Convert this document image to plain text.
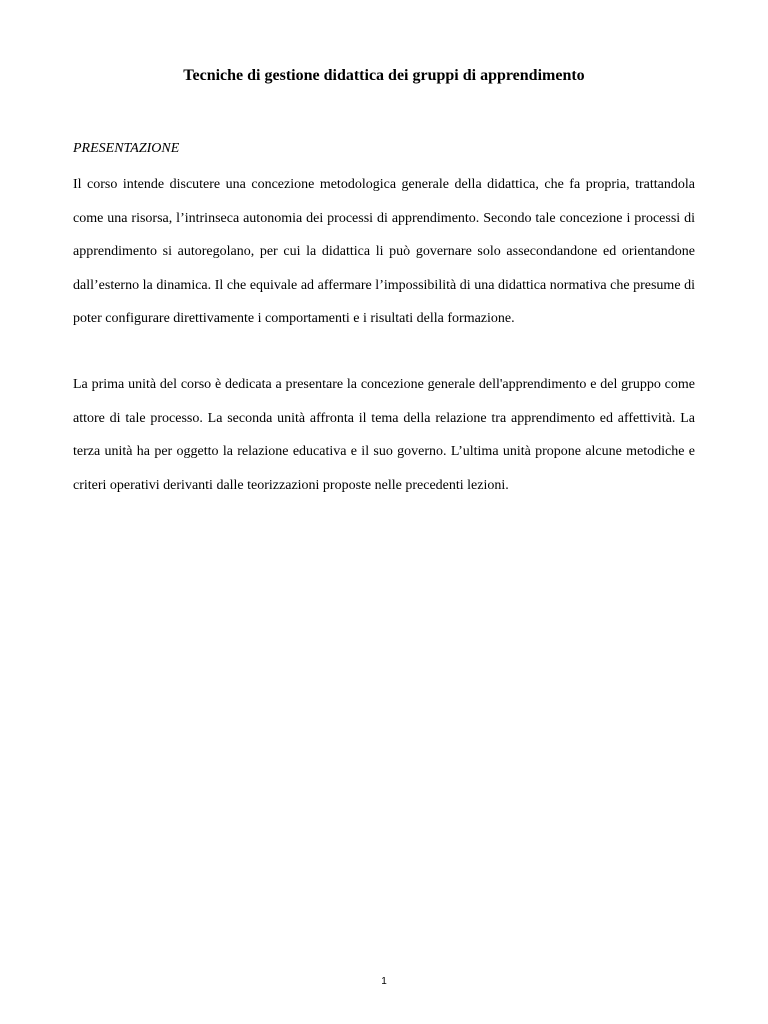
Tecniche di gestione didattica dei gruppi di apprendimento

PRESENTAZIONE

Il corso intende discutere una concezione metodologica generale della didattica, che fa propria, trattandola come una risorsa, l’intrinseca autonomia dei processi di apprendimento. Secondo tale concezione i processi di apprendimento si autoregolano, per cui la didattica li può governare solo assecondandone ed orientandone dall’esterno la dinamica. Il che equivale ad affermare l’impossibilità di una didattica normativa che presume di poter configurare direttivamente i comportamenti e i risultati della formazione.

La prima unità del corso è dedicata a presentare la concezione generale dell'apprendimento e del gruppo come attore di tale processo. La seconda unità affronta il tema della relazione tra apprendimento ed affettività. La terza unità ha per oggetto la relazione educativa e il suo governo. L’ultima unità propone alcune metodiche e criteri operativi derivanti dalle teorizzazioni proposte nelle precedenti lezioni.

1
